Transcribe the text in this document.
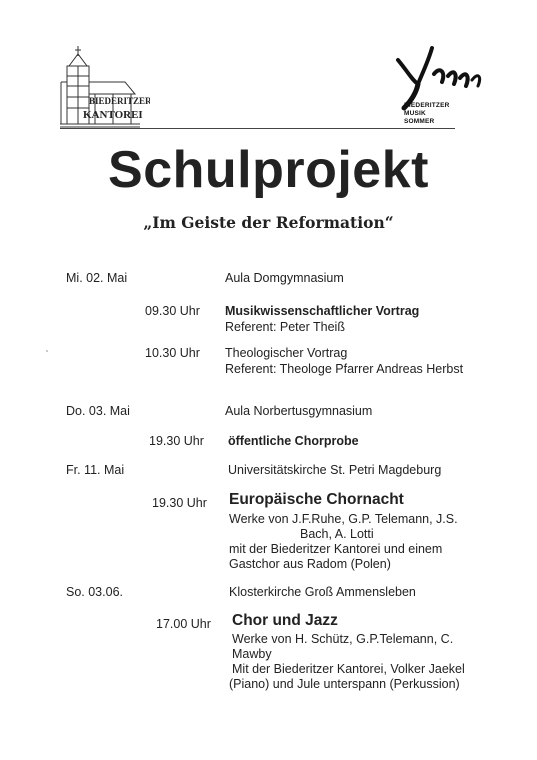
BIEDERITZER
KANTOREI
BIEDERITZER
MUSIK
SOMMER
Schulprojekt
„Im Geiste der Reformation“
Mi. 02. Mai	Aula Domgymnasium
09.30 Uhr Musikwissenschaftlicher Vortrag
Referent: Peter Theiß
10.30 Uhr Theologischer Vortrag
Referent: Theologe Pfarrer Andreas Herbst
Do. 03. Mai	Aula Norbertusgymnasium
19.30 Uhr öffentliche Chorprobe
Fr. 11. Mai	Universitätskirche St. Petri Magdeburg
19.30 Uhr Europäische Chornacht
Werke von J.F.Ruhe, G.P. Telemann, J.S.
Bach, A. Lotti
mit der Biederitzer Kantorei und einem
Gastchor aus Radom (Polen)
So. 03.06.	Klosterkirche Groß Ammensleben
17.00 Uhr Chor und Jazz
Werke von H. Schütz, G.P.Telemann, C.
Mawby
Mit der Biederitzer Kantorei, Volker Jaekel
(Piano) und Jule unterspann (Perkussion)
